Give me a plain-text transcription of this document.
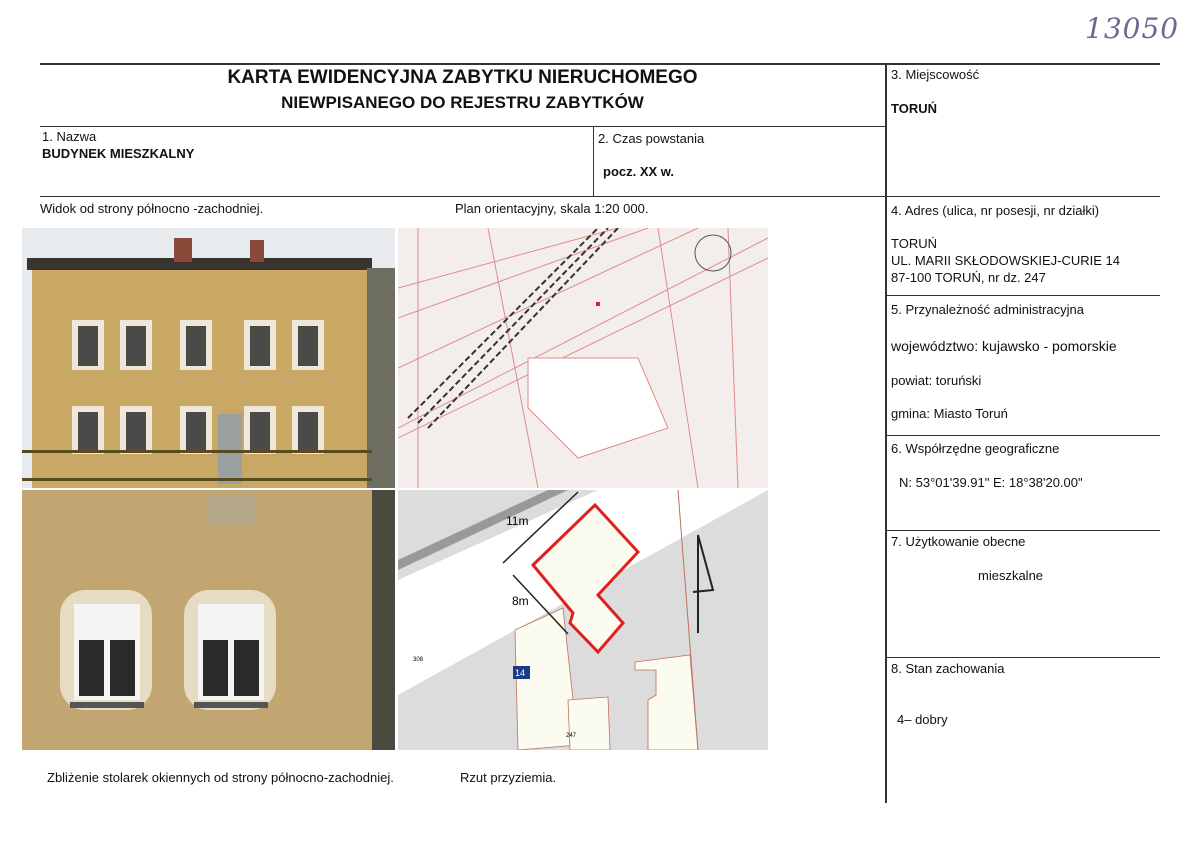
13050
KARTA EWIDENCYJNA ZABYTKU NIERUCHOMEGO
NIEWPISANEGO DO REJESTRU ZABYTKÓW
1. Nazwa
BUDYNEK MIESZKALNY
2. Czas powstania
pocz. XX w.
3. Miejscowość
TORUŃ
4. Adres (ulica, nr posesji, nr działki)
TORUŃ
UL. MARII SKŁODOWSKIEJ-CURIE 14
87-100 TORUŃ, nr dz. 247
5. Przynależność administracyjna
województwo: kujawsko - pomorskie
powiat: toruński
gmina: Miasto Toruń
6. Współrzędne geograficzne
N: 53°01'39.91" E: 18°38'20.00"
7. Użytkowanie obecne
mieszkalne
8. Stan zachowania
4– dobry
Widok od strony północno -zachodniej.	Plan orientacyjny, skala 1:20 000.
Zbliżenie stolarek okiennych od strony północno-zachodniej.	Rzut przyziemia.
11m
8m
14
308
247
